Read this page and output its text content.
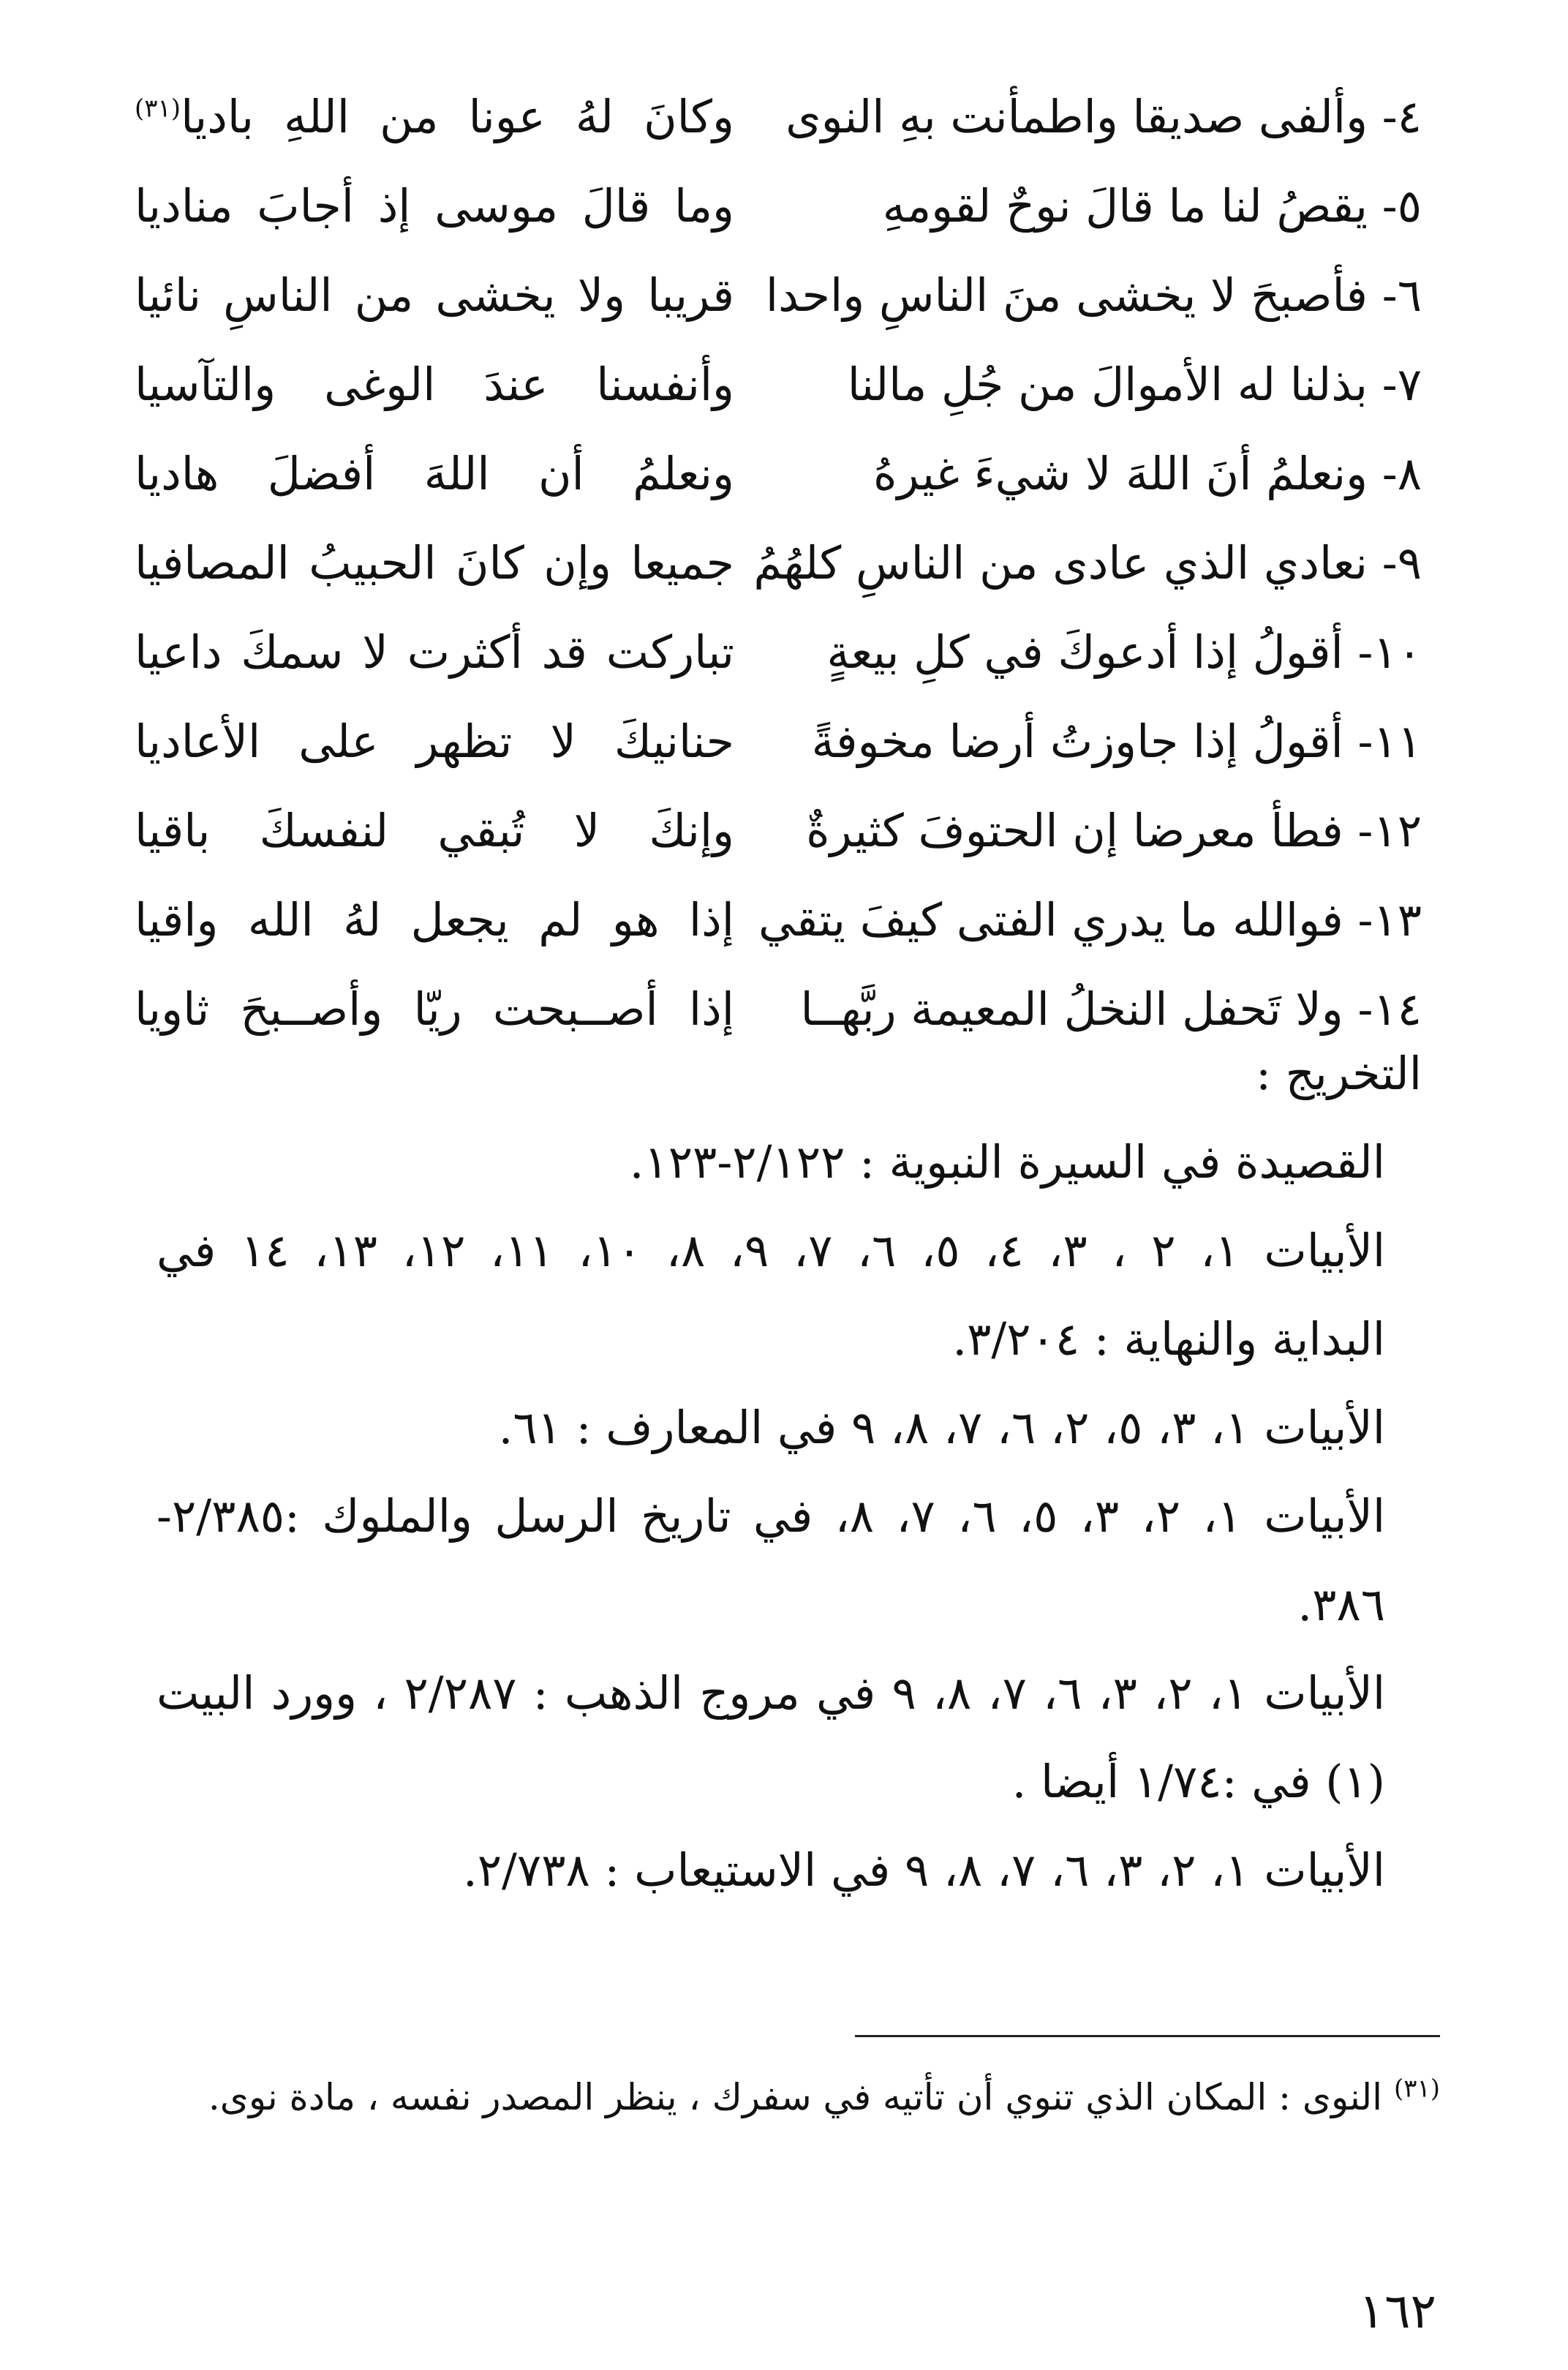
٤- وألفى صديقا واطمأنت بهِ النوى
وكانَ لهُ عونا من اللهِ باديا$^{(٣١)}$
٥- يقصُ لنا ما قالَ نوحٌ لقومهِ
وما قالَ موسى إذ أجابَ مناديا
٦- فأصبحَ لا يخشى منَ الناسِ واحدا
قريبا ولا يخشى من الناسِ نائيا
٧- بذلنا له الأموالَ من جُلِ مالنا
وأنفسنا عندَ الوغى والتآسيا
٨- ونعلمُ أنَ اللهَ لا شيءَ غيرهُ
ونعلمُ أن اللهَ أفضلَ هاديا
٩- نعادي الذي عادى من الناسِ كلهُمُ
جميعا وإن كانَ الحبيبُ المصافيا
١٠- أقولُ إذا أدعوكَ في كلِ بيعةٍ
تباركت قد أكثرت لا سمكَ داعيا
١١- أقولُ إذا جاوزتُ أرضا مخوفةً
حنانيكَ لا تظهر على الأعاديا
١٢- فطأ معرضا إن الحتوفَ كثيرةٌ
وإنكَ لا تُبقي لنفسكَ باقيا
١٣- فوالله ما يدري الفتى كيفَ يتقي
إذا هو لم يجعل لهُ الله واقيا
١٤- ولا تَحفل النخلُ المعيمة ربَّهــا
إذا أصــبحت ريّا وأصــبحَ ثاويا
التخريج :
القصيدة في السيرة النبوية : ٢/١٢٢-١٢٣.
الأبيات ١، ٢ ، ٣، ٤، ٥، ٦، ٧، ٩، ٨، ١٠، ١١، ١٢، ١٣، ١٤ في
البداية والنهاية : ٣/٢٠٤.
الأبيات ١، ٣، ٥، ٢، ٦، ٧، ٨، ٩ في المعارف : ٦١.
الأبيات ١، ٢، ٣، ٥، ٦، ٧، ٨، في تاريخ الرسل والملوك :٢/٣٨٥-
٣٨٦.
الأبيات ١، ٢، ٣، ٦، ٧، ٨، ٩ في مروج الذهب : ٢/٢٨٧ ، وورد البيت
(١) في :١/٧٤ أيضا .
الأبيات ١، ٢، ٣، ٦، ٧، ٨، ٩ في الاستيعاب : ٢/٧٣٨.
$^{(٣١)}$ النوى : المكان الذي تنوي أن تأتيه في سفرك ، ينظر المصدر نفسه ، مادة نوى.
١٦٢
